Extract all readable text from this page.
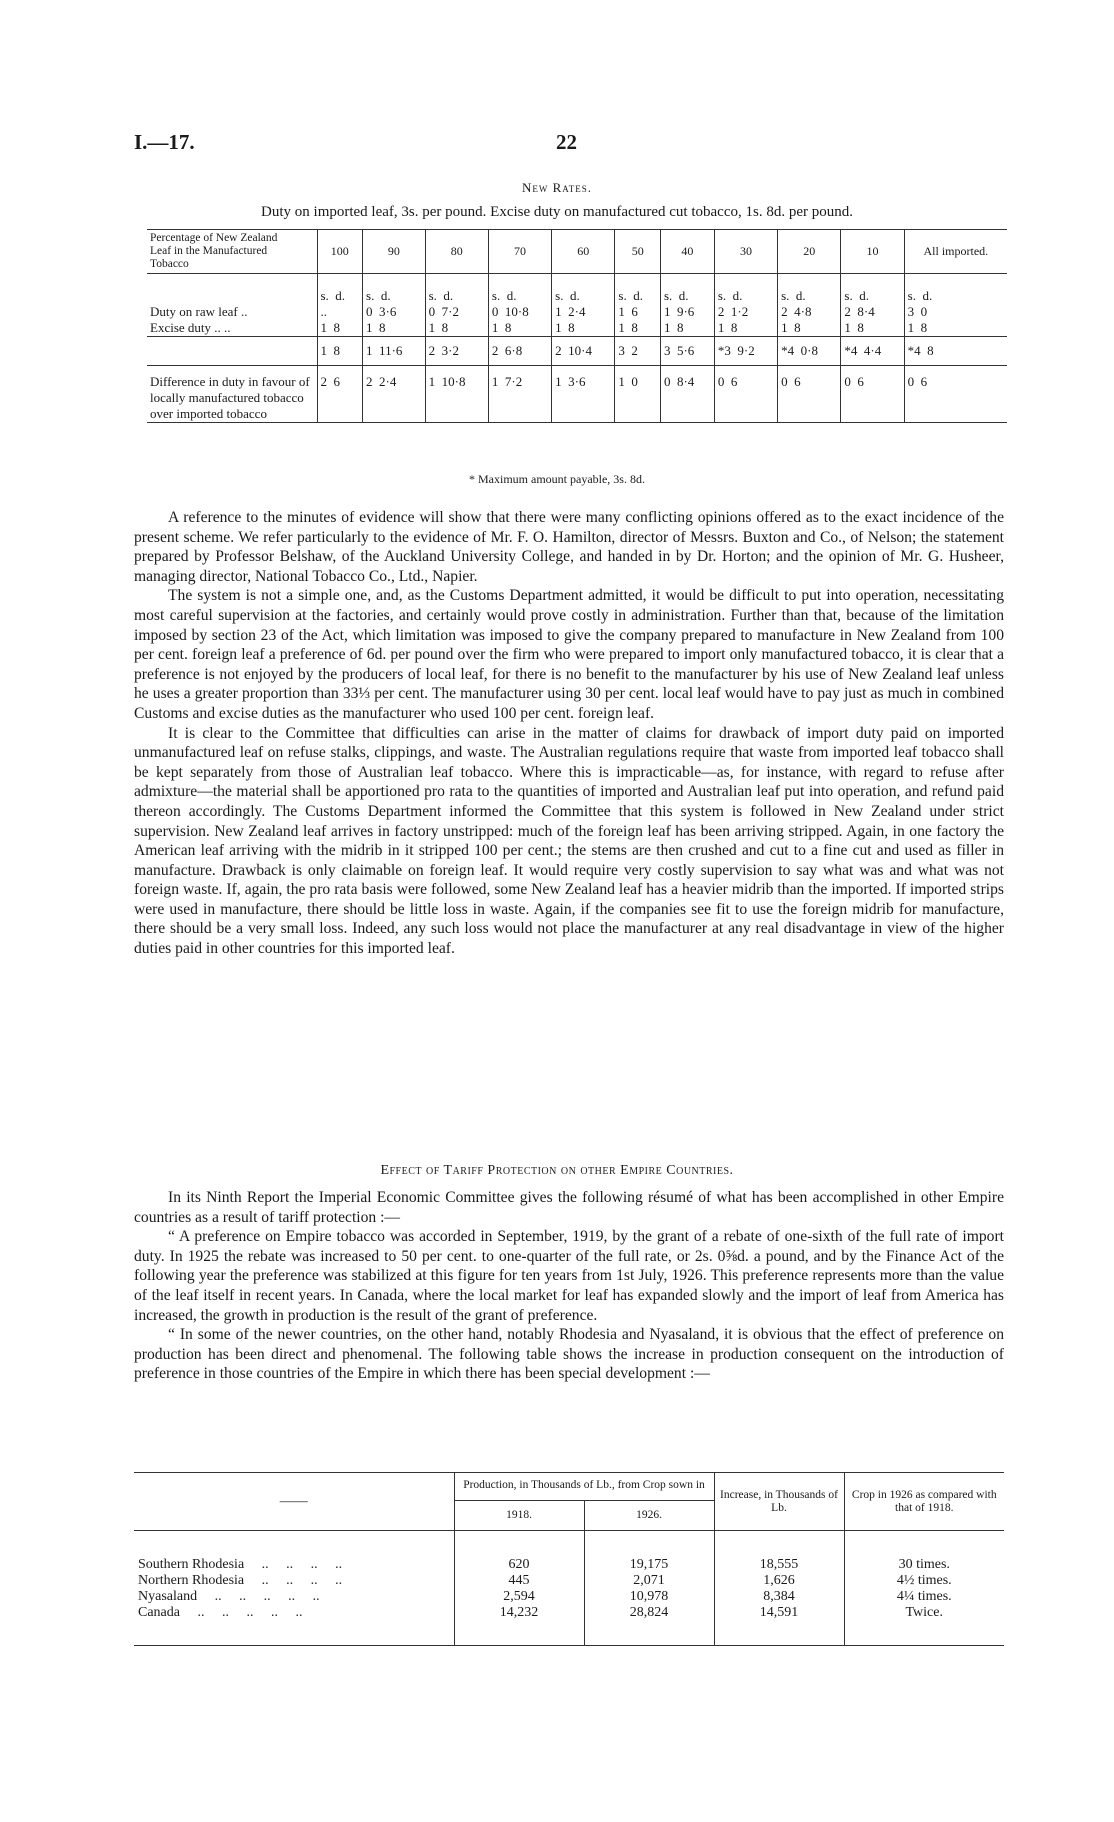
I.—17.	22
New Rates.
Duty on imported leaf, 3s. per pound. Excise duty on manufactured cut tobacco, 1s. 8d. per pound.
Percentage of New Zealand
Leaf in the Manufactured
Tobacco	100	90	80	70	60	50	40	30	20	10	All imported.
	s. d.	s. d.	s. d.	s. d.	s. d.	s. d.	s. d.	s. d.	s. d.	s. d.	s. d.
Duty on raw leaf ..	.. 	0 3·6	0 7·2	0 10·8	1 2·4	1 6	1 9·6	2 1·2	2 4·8	2 8·4	3 0
Excise duty .. ..	1 8	1 8	1 8	1 8	1 8	1 8	1 8	1 8	1 8	1 8	1 8
	1 8	1 11·6	2 3·2	2 6·8	2 10·4	3 2	3 5·6	*3 9·2	*4 0·8	*4 4·4	*4 8
Difference in duty in favour of locally manufactured tobacco over imported tobacco	2 6	2 2·4	1 10·8	1 7·2	1 3·6	1 0	0 8·4	0 6	0 6	0 6	0 6
* Maximum amount payable, 3s. 8d.

A reference to the minutes of evidence will show that there were many conflicting opinions offered as to the exact incidence of the present scheme. We refer particularly to the evidence of Mr. F. O. Hamilton, director of Messrs. Buxton and Co., of Nelson; the statement prepared by Professor Belshaw, of the Auckland University College, and handed in by Dr. Horton; and the opinion of Mr. G. Husheer, managing director, National Tobacco Co., Ltd., Napier.

The system is not a simple one, and, as the Customs Department admitted, it would be difficult to put into operation, necessitating most careful supervision at the factories, and certainly would prove costly in administration. Further than that, because of the limitation imposed by section 23 of the Act, which limitation was imposed to give the company prepared to manufacture in New Zealand from 100 per cent. foreign leaf a preference of 6d. per pound over the firm who were prepared to import only manufactured tobacco, it is clear that a preference is not enjoyed by the producers of local leaf, for there is no benefit to the manufacturer by his use of New Zealand leaf unless he uses a greater proportion than 33⅓ per cent. The manufacturer using 30 per cent. local leaf would have to pay just as much in combined Customs and excise duties as the manufacturer who used 100 per cent. foreign leaf.

It is clear to the Committee that difficulties can arise in the matter of claims for drawback of import duty paid on imported unmanufactured leaf on refuse stalks, clippings, and waste. The Australian regulations require that waste from imported leaf tobacco shall be kept separately from those of Australian leaf tobacco. Where this is impracticable—as, for instance, with regard to refuse after admixture—the material shall be apportioned pro rata to the quantities of imported and Australian leaf put into operation, and refund paid thereon accordingly. The Customs Department informed the Committee that this system is followed in New Zealand under strict supervision. New Zealand leaf arrives in factory unstripped: much of the foreign leaf has been arriving stripped. Again, in one factory the American leaf arriving with the midrib in it stripped 100 per cent.; the stems are then crushed and cut to a fine cut and used as filler in manufacture. Drawback is only claimable on foreign leaf. It would require very costly supervision to say what was and what was not foreign waste. If, again, the pro rata basis were followed, some New Zealand leaf has a heavier midrib than the imported. If imported strips were used in manufacture, there should be little loss in waste. Again, if the companies see fit to use the foreign midrib for manufacture, there should be a very small loss. Indeed, any such loss would not place the manufacturer at any real disadvantage in view of the higher duties paid in other countries for this imported leaf.

Effect of Tariff Protection on other Empire Countries.

In its Ninth Report the Imperial Economic Committee gives the following résumé of what has been accomplished in other Empire countries as a result of tariff protection :—

“ A preference on Empire tobacco was accorded in September, 1919, by the grant of a rebate of one-sixth of the full rate of import duty. In 1925 the rebate was increased to 50 per cent. to one-quarter of the full rate, or 2s. 0⅝d. a pound, and by the Finance Act of the following year the preference was stabilized at this figure for ten years from 1st July, 1926. This preference represents more than the value of the leaf itself in recent years. In Canada, where the local market for leaf has expanded slowly and the import of leaf from America has increased, the growth in production is the result of the grant of preference.

“ In some of the newer countries, on the other hand, notably Rhodesia and Nyasaland, it is obvious that the effect of preference on production has been direct and phenomenal. The following table shows the increase in production consequent on the introduction of preference in those countries of the Empire in which there has been special development :—

——	Production, in Thousands of Lb., from Crop sown in		Increase, in Thousands of Lb.	Crop in 1926 as compared with that of 1918.
	1918.	1926.		
Southern Rhodesia     ..     ..     ..     ..	620	19,175	18,555	30 times.
Northern Rhodesia     ..     ..     ..     ..	445	2,071	1,626	4½ times.
Nyasaland     ..     ..     ..     ..     ..	2,594	10,978	8,384	4¼ times.
Canada     ..     ..     ..     ..     ..	14,232	28,824	14,591	Twice.
